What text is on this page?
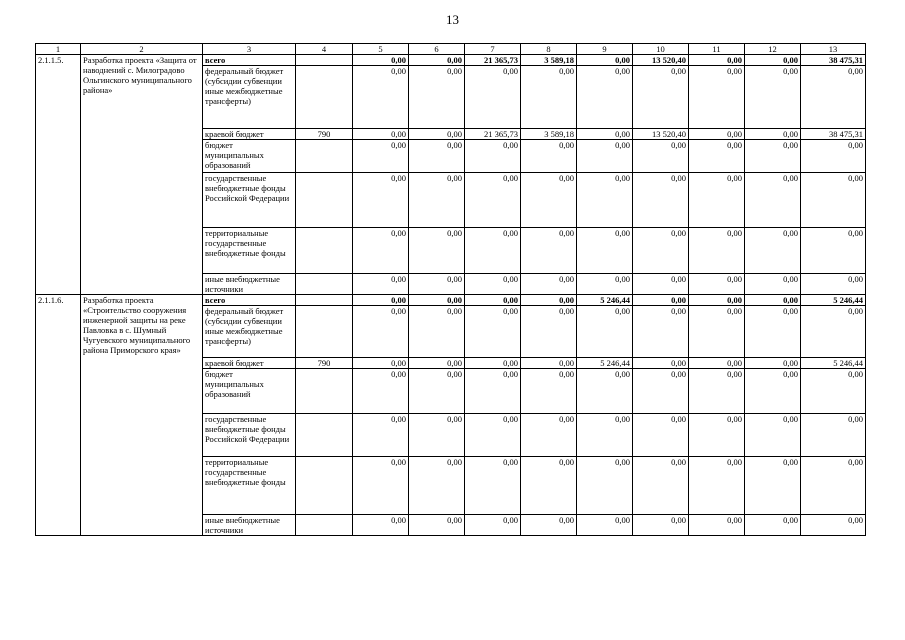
13
1	2	3	4	5	6	7	8	9	10	11	12	13
2.1.1.5.	Разработка проекта «Защита от наводнений с. Милоградово Ольгинского муниципального района»	всего		0,00	0,00	21 365,73	3 589,18	0,00	13 520,40	0,00	0,00	38 475,31
		федеральный бюджет (субсидии субвенции иные межбюджетные трансферты)		0,00	0,00	0,00	0,00	0,00	0,00	0,00	0,00	0,00
		краевой бюджет	790	0,00	0,00	21 365,73	3 589,18	0,00	13 520,40	0,00	0,00	38 475,31
		бюджет муниципальных образований		0,00	0,00	0,00	0,00	0,00	0,00	0,00	0,00	0,00
		государственные внебюджетные фонды Российской Федерации		0,00	0,00	0,00	0,00	0,00	0,00	0,00	0,00	0,00
		территориальные государственные внебюджетные фонды		0,00	0,00	0,00	0,00	0,00	0,00	0,00	0,00	0,00
		иные внебюджетные источники		0,00	0,00	0,00	0,00	0,00	0,00	0,00	0,00	0,00
2.1.1.6.	Разработка проекта «Строительство сооружения инженерной защиты на реке Павловка в с. Шумный Чугуевского муниципального района Приморского края»	всего		0,00	0,00	0,00	0,00	5 246,44	0,00	0,00	0,00	5 246,44
		федеральный бюджет (субсидии субвенции иные межбюджетные трансферты)		0,00	0,00	0,00	0,00	0,00	0,00	0,00	0,00	0,00
		краевой бюджет	790	0,00	0,00	0,00	0,00	5 246,44	0,00	0,00	0,00	5 246,44
		бюджет муниципальных образований		0,00	0,00	0,00	0,00	0,00	0,00	0,00	0,00	0,00
		государственные внебюджетные фонды Российской Федерации		0,00	0,00	0,00	0,00	0,00	0,00	0,00	0,00	0,00
		территориальные государственные внебюджетные фонды		0,00	0,00	0,00	0,00	0,00	0,00	0,00	0,00	0,00
		иные внебюджетные источники		0,00	0,00	0,00	0,00	0,00	0,00	0,00	0,00	0,00
